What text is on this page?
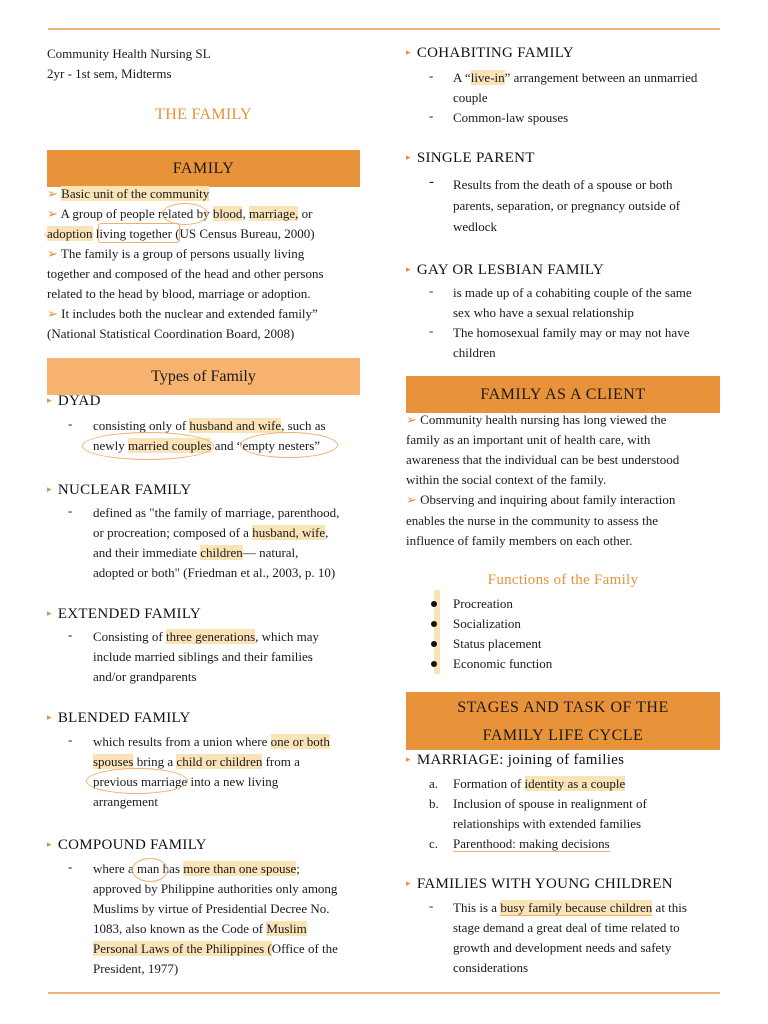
Community Health Nursing SL
2yr - 1st sem, Midterms
THE FAMILY
FAMILY
➢ Basic unit of the community
➢ A group of people related by blood, marriage, or
adoption living together (US Census Bureau, 2000)
➢ The family is a group of persons usually living
together and composed of the head and other persons
related to the head by blood, marriage or adoption.
➢ It includes both the nuclear and extended family”
(National Statistical Coordination Board, 2008)
Types of Family
▸ DYAD
- consisting only of husband and wife, such as
newly married couples and “empty nesters”
▸ NUCLEAR FAMILY
- defined as "the family of marriage, parenthood,
or procreation; composed of a husband, wife,
and their immediate children— natural,
adopted or both" (Friedman et al., 2003, p. 10)
▸ EXTENDED FAMILY
- Consisting of three generations, which may
include married siblings and their families
and/or grandparents
▸ BLENDED FAMILY
- which results from a union where one or both
spouses bring a child or children from a
previous marriage into a new living
arrangement
▸ COMPOUND FAMILY
- where a man has more than one spouse;
approved by Philippine authorities only among
Muslims by virtue of Presidential Decree No.
1083, also known as the Code of Muslim
Personal Laws of the Philippines (Office of the
President, 1977)
▸ COHABITING FAMILY
- A “live-in” arrangement between an unmarried
couple
- Common-law spouses
▸ SINGLE PARENT
- Results from the death of a spouse or both
parents, separation, or pregnancy outside of
wedlock
▸ GAY OR LESBIAN FAMILY
- is made up of a cohabiting couple of the same
sex who have a sexual relationship
- The homosexual family may or may not have
children
FAMILY AS A CLIENT
➢ Community health nursing has long viewed the
family as an important unit of health care, with
awareness that the individual can be best understood
within the social context of the family.
➢ Observing and inquiring about family interaction
enables the nurse in the community to assess the
influence of family members on each other.
Functions of the Family
Procreation
Socialization
Status placement
Economic function
STAGES AND TASK OF THE
FAMILY LIFE CYCLE
▸ MARRIAGE: joining of families
a. Formation of identity as a couple
b. Inclusion of spouse in realignment of
relationships with extended families
c. Parenthood: making decisions
▸ FAMILIES WITH YOUNG CHILDREN
- This is a busy family because children at this
stage demand a great deal of time related to
growth and development needs and safety
considerations
